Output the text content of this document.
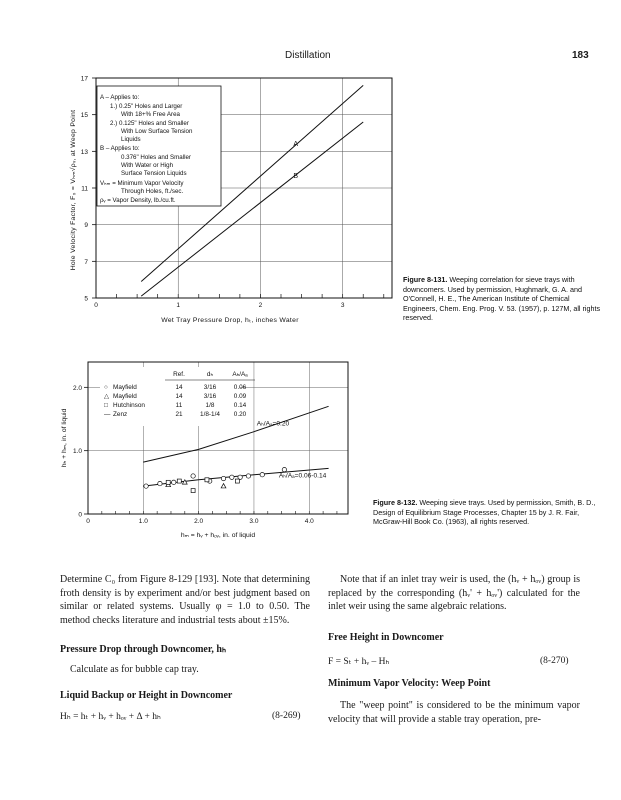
Distillation	183
5
7
9
11
13
15
17
0	1	2	3
A
B
A – Applies to:
1.) 0.25" Holes and Larger
With 18+% Free Area
2.) 0.125" Holes and Smaller
With Low Surface Tension
Liquids
B – Applies to:
0.376" Holes and Smaller
With Water or High
Surface Tension Liquids
Vₕₘ = Minimum Vapor Velocity
Through Holes, ft./sec.
ρᵥ = Vapor Density, lb./cu.ft.
Wet Tray Pressure Drop, hₜ, inches Water
Hole Velocity Factor, F₀ = Vₕₘ√ρᵥ, at Weep Point
Figure 8-131. Weeping correlation for sieve trays with downcomers. Used by permission, Hughmark, G. A. and O'Connell, H. E., The American Institute of Chemical Engineers, Chem. Eng. Prog. V. 53. (1957), p. 127M, all rights reserved.
0
1.0
2.0
0	1.0	2.0	3.0	4.0
Ref.	dₕ	Aₕ/Aₐ
○ Mayfield	14	3/16	0.06
△ Mayfield	14	3/16	0.09
□ Hutchinson	11	1/8	0.14
— Zenz	21	1/8-1/4 0.20
Aₕ/Aₐ=0.20
Aₕ/Aₐ=0.06-0.14
hₘ = hᵥ + hₒᵥ, in. of liquid
hₕ + hₘ, in. of liquid
Figure 8-132. Weeping sieve trays. Used by permission, Smith, B. D., Design of Equilibrium Stage Processes, Chapter 15 by J. R. Fair, McGraw-Hill Book Co. (1963), all rights reserved.
Determine C₀ from Figure 8-129 [193]. Note that determining froth density is by experiment and/or best judgment based on similar or related systems. Usually φ = 1.0 to 0.50. The method checks literature and industrial tests about ±15%.
Pressure Drop through Downcomer, hₕ
Calculate as for bubble cap tray.
Liquid Backup or Height in Downcomer
Hₕ = hₜ + hᵥ + hₒᵥ + Δ + hₕ	(8-269)
Note that if an inlet tray weir is used, the (hᵥ + hₒᵥ) group is replaced by the corresponding (hᵥ' + hₒᵥ') calculated for the inlet weir using the same algebraic relations.
Free Height in Downcomer
F = Sₜ + hᵥ – Hₕ	(8-270)
Minimum Vapor Velocity: Weep Point
The "weep point" is considered to be the minimum vapor velocity that will provide a stable tray operation, pre-
